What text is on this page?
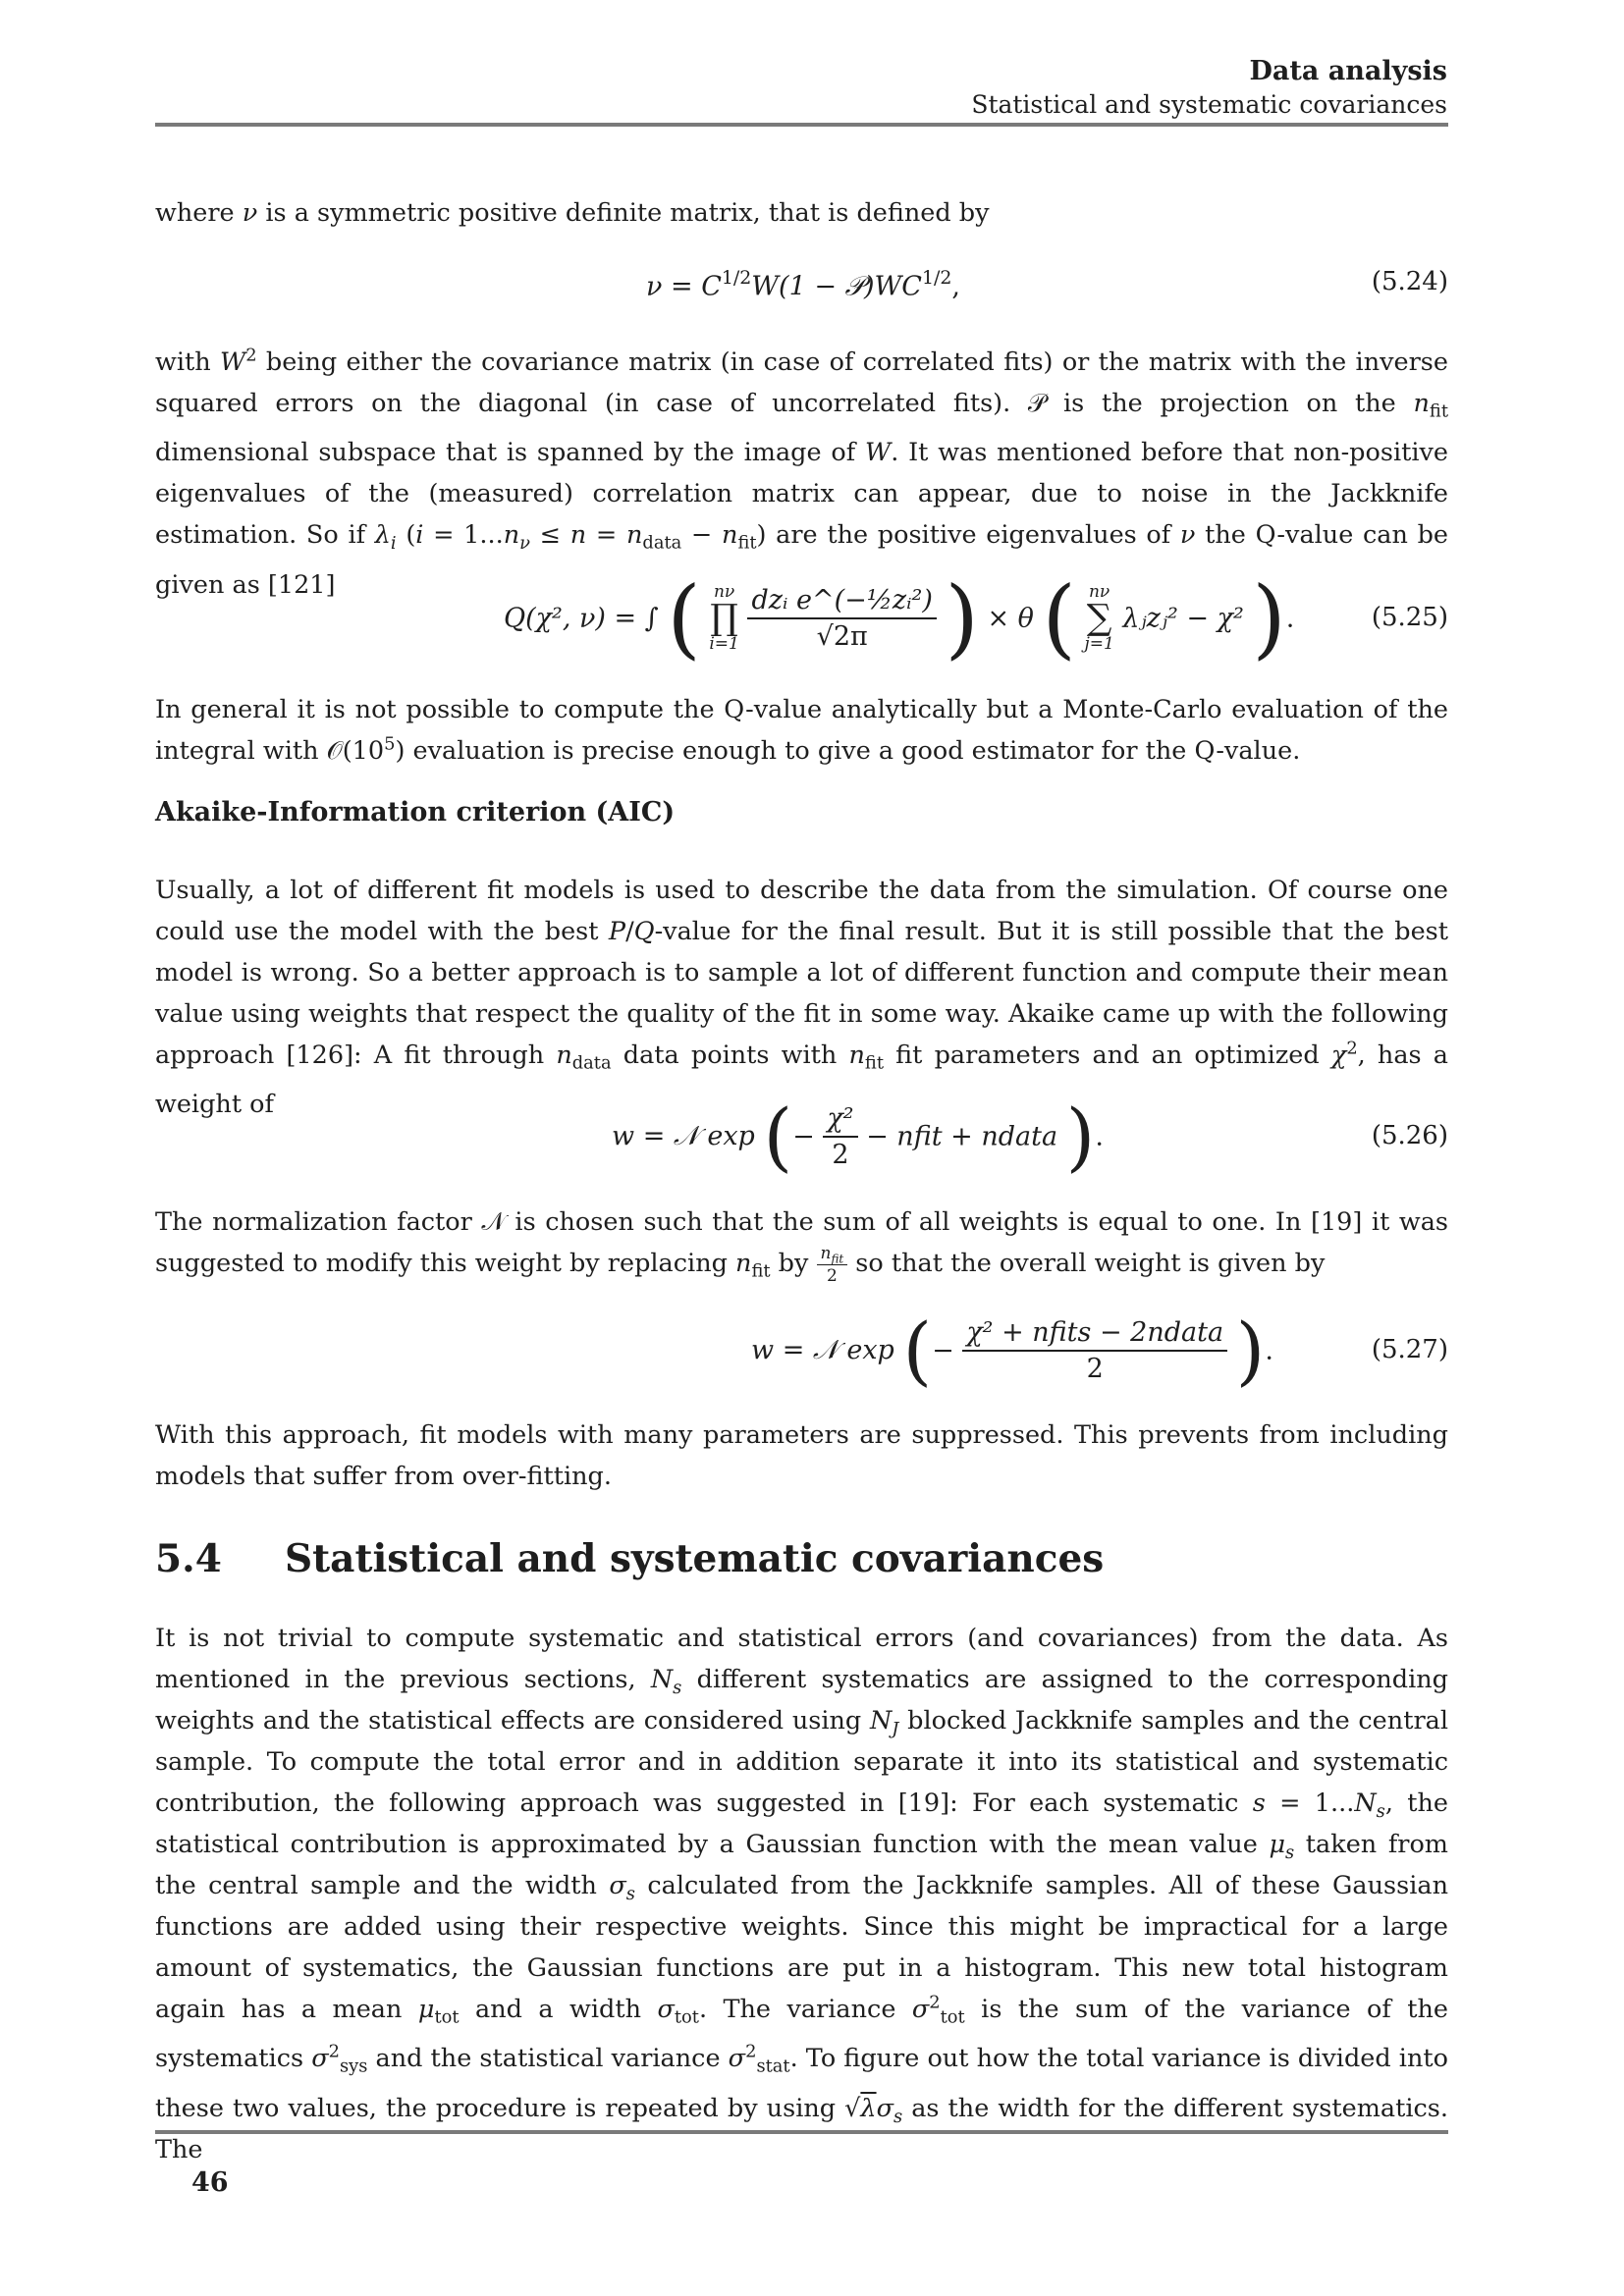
Data analysis
Statistical and systematic covariances

where ν is a symmetric positive definite matrix, that is defined by

$\nu = C^{1/2}W(1$ − $𝒫)WC^{1/2}$,	(5.24)

with $W^2$ being either the covariance matrix (in case of correlated fits) or the matrix with the inverse squared errors on the diagonal (in case of uncorrelated fits). 𝒫 is the projection on the $n_{fit}$ dimensional subspace that is spanned by the image of W. It was mentioned before that non-positive eigenvalues of the (measured) correlation matrix can appear, due to noise in the Jackknife estimation. So if $\lambda_i$ $(i = 1...n_\nu \le n = n_{data} - n_{fit})$ are the positive eigenvalues of ν the Q-value can be given as [121]

Q(χ², ν) = ∫ ( nν
∏
i=1
$\frac{\text{dzᵢ e\textasciicircum{}(−½zᵢ²)}}{√2\pi}$ ) × θ ( nν
∑
j=1
λⱼzⱼ² − χ² ).	(5.25)

In general it is not possible to compute the Q-value analytically but a Monte-Carlo evaluation of the integral with $𝒪(10^5)$ evaluation is precise enough to give a good estimator for the Q-value.

Akaike-Information criterion (AIC)

Usually, a lot of different fit models is used to describe the data from the simulation. Of course one could use the model with the best P/Q-value for the final result. But it is still possible that the best model is wrong. So a better approach is to sample a lot of different function and compute their mean value using weights that respect the quality of the fit in some way. Akaike came up with the following approach [126]: A fit through $n_{data}$ data points with $n_{fit}$ fit parameters and an optimized $\chi^2$, has a weight of

w = 𝒩 exp (− $\frac{\text{χ²}}{2}$ − nfit + ndata ).	(5.26)

The normalization factor 𝒩 is chosen such that the sum of all weights is equal to one. In [19] it was suggested to modify this weight by replacing $n_{fit}$ by $\frac{n_{fit}}{2}$ so that the overall weight is given by

w = 𝒩 exp (− $\frac{\text{χ² + nfits − 2ndata}}{2}$ ).	(5.27)

With this approach, fit models with many parameters are suppressed. This prevents from including models that suffer from over-fitting.

5.4 Statistical and systematic covariances

It is not trivial to compute systematic and statistical errors (and covariances) from the data. As mentioned in the previous sections, $N_s$ different systematics are assigned to the corresponding weights and the statistical effects are considered using $N_J$ blocked Jackknife samples and the central sample. To compute the total error and in addition separate it into its statistical and systematic contribution, the following approach was suggested in [19]: For each systematic $s = 1...N_s$, the statistical contribution is approximated by a Gaussian function with the mean value $\mu_s$ taken from the central sample and the width $\sigma_s$ calculated from the Jackknife samples. All of these Gaussian functions are added using their respective weights. Since this might be impractical for a large amount of systematics, the Gaussian functions are put in a histogram. This new total histogram again has a mean $\mu_{tot}$ and a width $\sigma_{tot}$. The variance $\sigma^2_{tot}$ is the sum of the variance of the systematics $\sigma^2_{sys}$ and the statistical variance $\sigma^2_{stat}$. To figure out how the total variance is divided into these two values, the procedure is repeated by using $√\lambda\sigma_s$ as the width for the different systematics. The

46
